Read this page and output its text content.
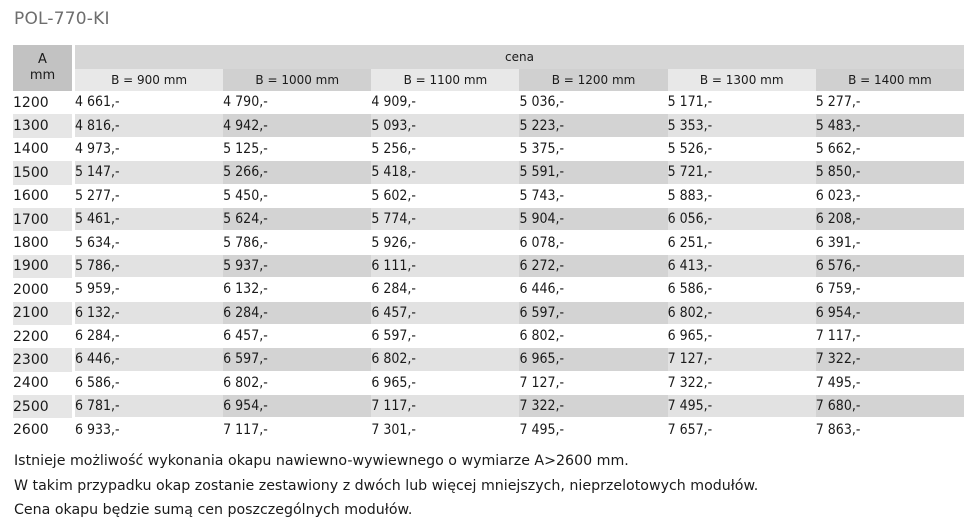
POL-770-KI
A
mm	cena					
	B = 900 mm	B = 1000 mm	B = 1100 mm	B = 1200 mm	B = 1300 mm	B = 1400 mm
1200	4 661,-	4 790,-	4 909,-	5 036,-	5 171,-	5 277,-
1300	4 816,-	4 942,-	5 093,-	5 223,-	5 353,-	5 483,-
1400	4 973,-	5 125,-	5 256,-	5 375,-	5 526,-	5 662,-
1500	5 147,-	5 266,-	5 418,-	5 591,-	5 721,-	5 850,-
1600	5 277,-	5 450,-	5 602,-	5 743,-	5 883,-	6 023,-
1700	5 461,-	5 624,-	5 774,-	5 904,-	6 056,-	6 208,-
1800	5 634,-	5 786,-	5 926,-	6 078,-	6 251,-	6 391,-
1900	5 786,-	5 937,-	6 111,-	6 272,-	6 413,-	6 576,-
2000	5 959,-	6 132,-	6 284,-	6 446,-	6 586,-	6 759,-
2100	6 132,-	6 284,-	6 457,-	6 597,-	6 802,-	6 954,-
2200	6 284,-	6 457,-	6 597,-	6 802,-	6 965,-	7 117,-
2300	6 446,-	6 597,-	6 802,-	6 965,-	7 127,-	7 322,-
2400	6 586,-	6 802,-	6 965,-	7 127,-	7 322,-	7 495,-
2500	6 781,-	6 954,-	7 117,-	7 322,-	7 495,-	7 680,-
2600	6 933,-	7 117,-	7 301,-	7 495,-	7 657,-	7 863,-
Istnieje możliwość wykonania okapu nawiewno-wywiewnego o wymiarze A>2600 mm.
W takim przypadku okap zostanie zestawiony z dwóch lub więcej mniejszych, nieprzelotowych modułów.
Cena okapu będzie sumą cen poszczególnych modułów.
